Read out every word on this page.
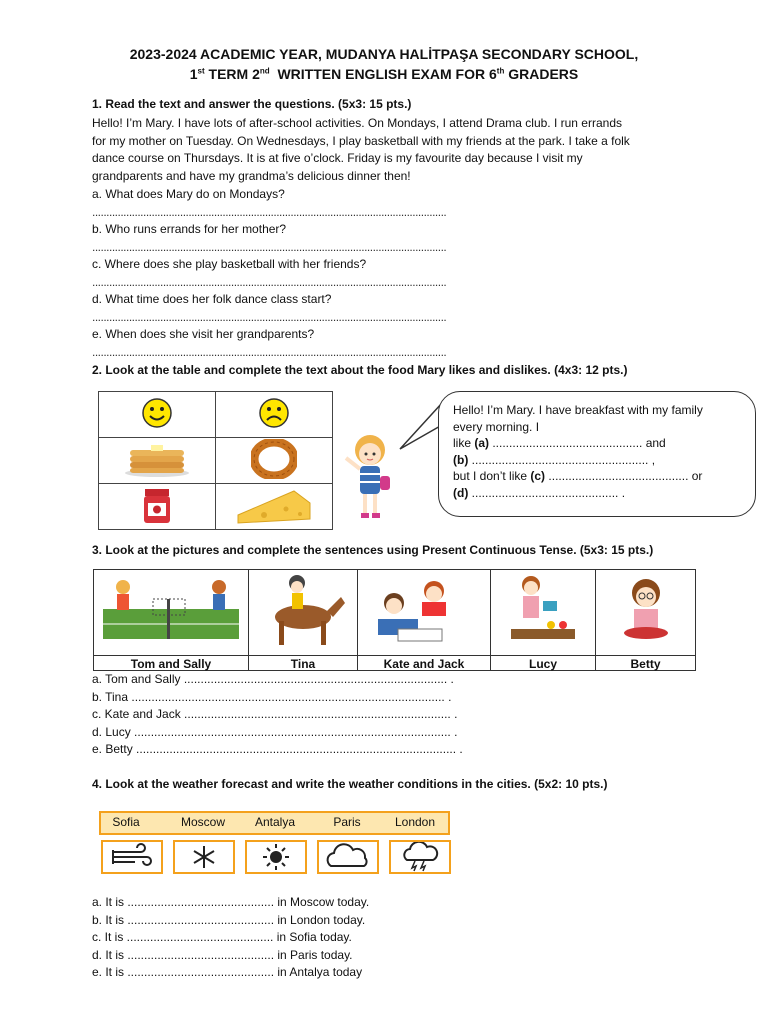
2023-2024 ACADEMIC YEAR, MUDANYA HALİTPAŞA SECONDARY SCHOOL,
1st TERM 2nd  WRITTEN ENGLISH EXAM FOR 6th GRADERS
1. Read the text and answer the questions. (5x3: 15 pts.)
Hello! I’m Mary. I have lots of after-school activities. On Mondays, I attend Drama club. I run errands
for my mother on Tuesday. On Wednesdays, I play basketball with my friends at the park. I take a folk
dance course on Thursdays. It is at five o’clock. Friday is my favourite day because I visit my
grandparents and have my grandma’s delicious dinner then!
a. What does Mary do on Mondays?
.............................................................................................................................
b. Who runs errands for her mother?
.............................................................................................................................
c. Where does she play basketball with her friends?
.............................................................................................................................
d. What time does her folk dance class start?
.............................................................................................................................
e. When does she visit her grandparents?
.............................................................................................................................
2. Look at the table and complete the text about the food Mary likes and dislikes. (4x3: 12 pts.)

Hello! I’m Mary. I have breakfast with my family
every morning. I
like (a) ............................................. and
(b) ..................................................... ,
but I don’t like (c) .......................................... or
(d) ............................................ .
3. Look at the pictures and complete the sentences using Present Continuous Tense. (5x3: 15 pts.)
Tom and Sally	Tina	Kate and Jack	Lucy	Betty
a. Tom and Sally ............................................................................... .
b. Tina .............................................................................................. .
c. Kate and Jack ................................................................................ .
d. Lucy ............................................................................................... .
e. Betty ................................................................................................ .
4. Look at the weather forecast and write the weather conditions in the cities. (5x2: 10 pts.)
Sofia	Moscow	Antalya	Paris	London
a. It is ............................................ in Moscow today.
b. It is ............................................ in London today.
c. It is ............................................ in Sofia today.
d. It is ............................................ in Paris today.
e. It is ............................................ in Antalya today
